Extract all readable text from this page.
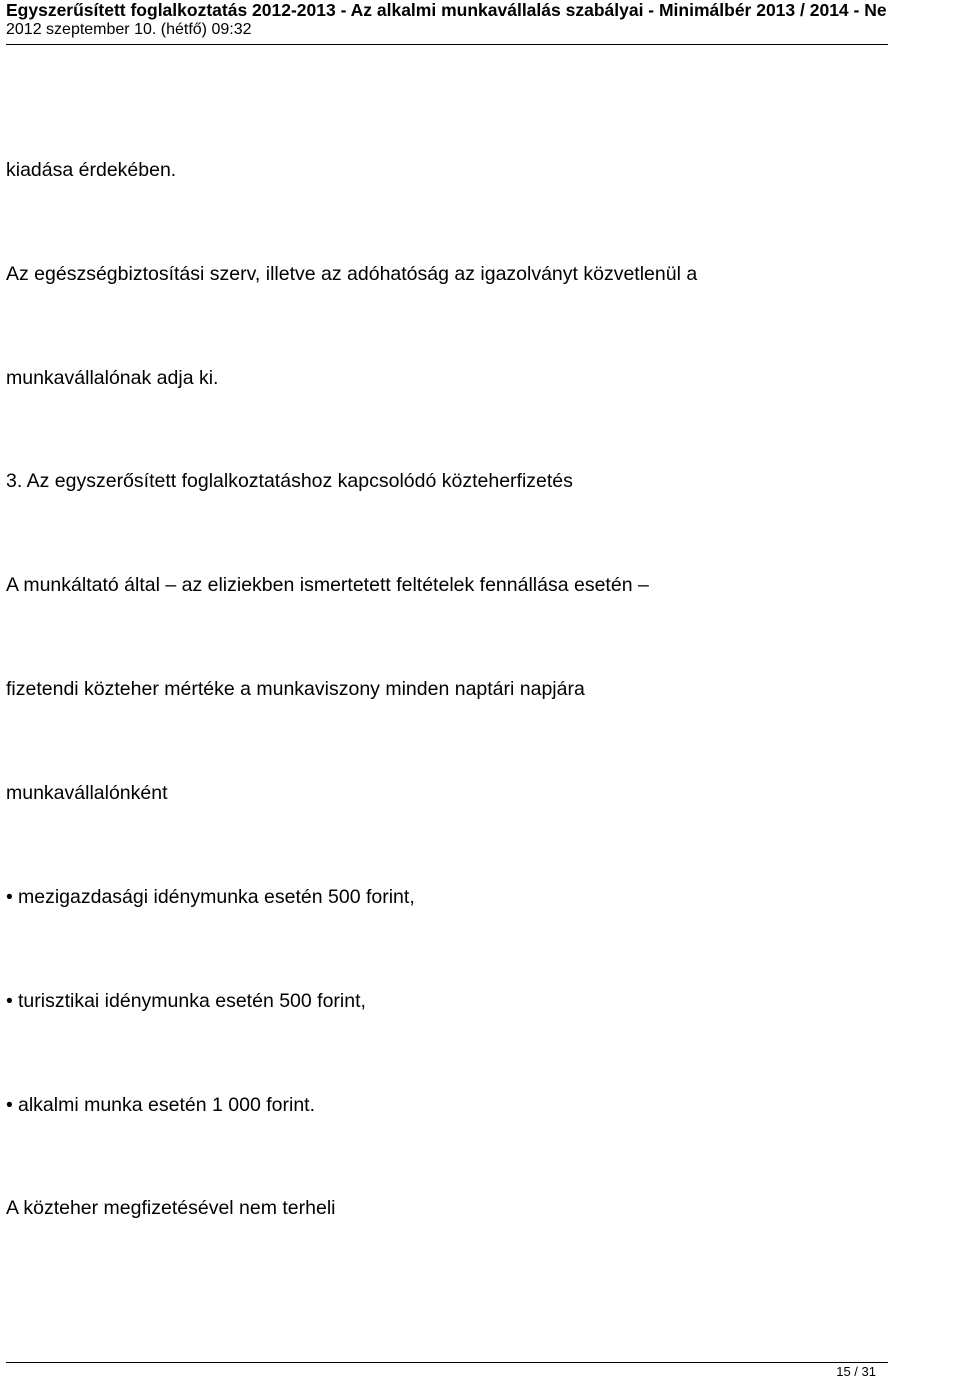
Egyszerűsített foglalkoztatás 2012-2013 - Az alkalmi munkavállalás szabályai - Minimálbér 2013 / 2014 - Ne
2012 szeptember 10. (hétfő) 09:32
kiadása érdekében.
Az egészségbiztosítási szerv, illetve az adóhatóság az igazolványt közvetlenül a
munkavállalónak adja ki.
3. Az egyszerősített foglalkoztatáshoz kapcsolódó közteherfizetés
A munkáltató által – az eliziekben ismertetett feltételek fennállása esetén –
fizetendi közteher mértéke a munkaviszony minden naptári napjára
munkavállalónként
• mezigazdasági idénymunka esetén 500 forint,
• turisztikai idénymunka esetén 500 forint,
• alkalmi munka esetén 1 000 forint.
A közteher megfizetésével nem terheli
15 / 31
